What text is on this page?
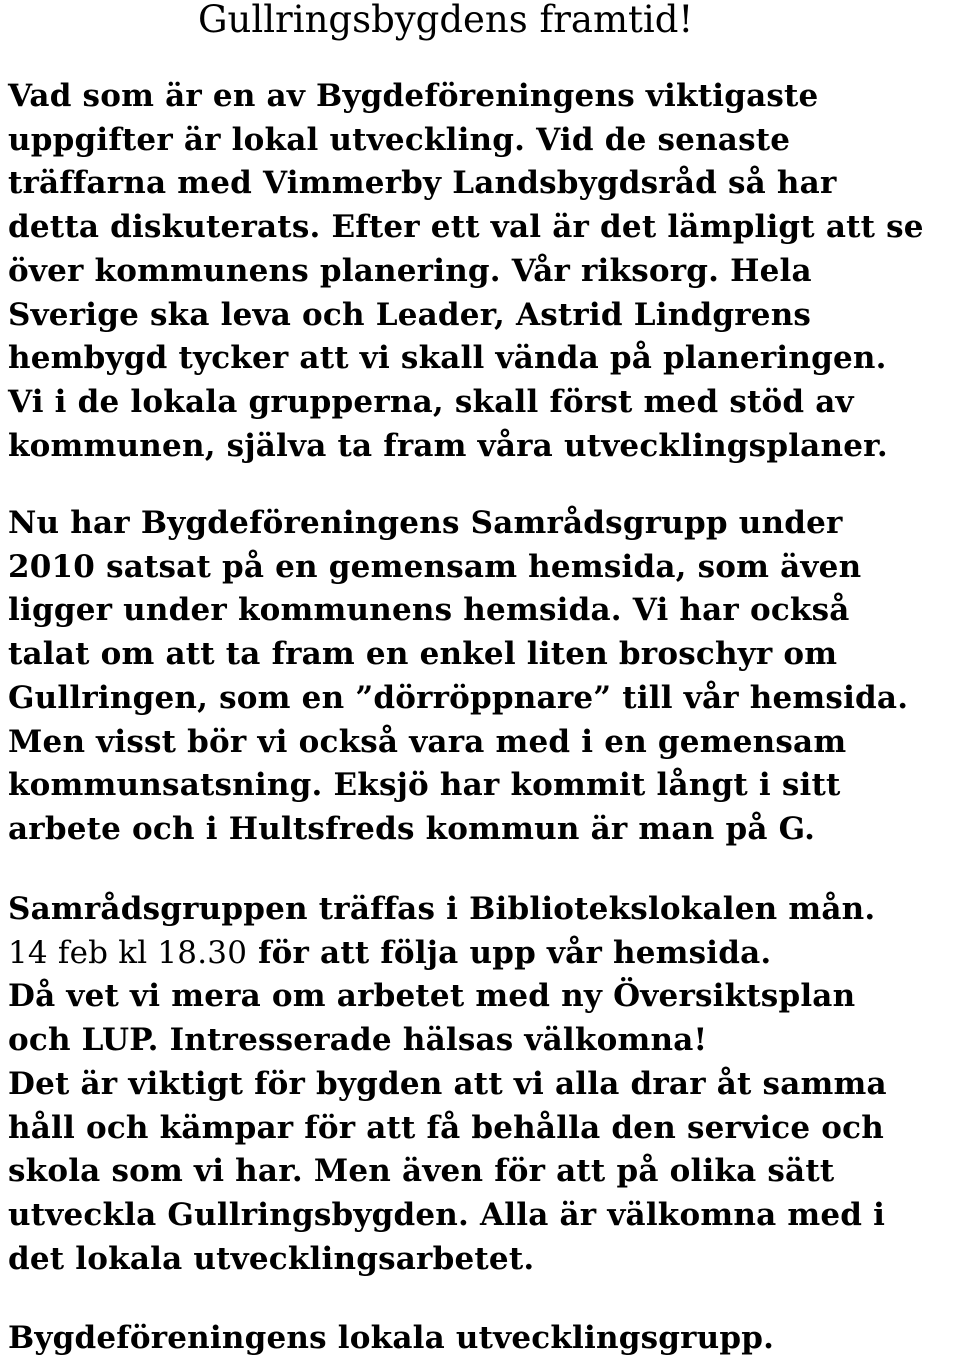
Gullringsbygdens framtid!

Vad som är en av Bygdeföreningens viktigaste
uppgifter är lokal utveckling. Vid de senaste
träffarna med Vimmerby Landsbygdsråd så har
detta diskuterats. Efter ett val är det lämpligt att se
över kommunens planering. Vår riksorg. Hela
Sverige ska leva och Leader, Astrid Lindgrens
hembygd tycker att vi skall vända på planeringen.
Vi i de lokala grupperna, skall först med stöd av
kommunen, själva ta fram våra utvecklingsplaner.

Nu har Bygdeföreningens Samrådsgrupp under
2010 satsat på en gemensam hemsida, som även
ligger under kommunens hemsida. Vi har också
talat om att ta fram en enkel liten broschyr om
Gullringen, som en ”dörröppnare” till vår hemsida.
Men visst bör vi också vara med i en gemensam
kommunsatsning. Eksjö har kommit långt i sitt
arbete och i Hultsfreds kommun är man på G.

Samrådsgruppen träffas i Bibliotekslokalen mån.
14 feb kl 18.30 för att följa upp vår hemsida.
Då vet vi mera om arbetet med ny Översiktsplan
och LUP. Intresserade hälsas välkomna!
Det är viktigt för bygden att vi alla drar åt samma
håll och kämpar för att få behålla den service och
skola som vi har. Men även för att på olika sätt
utveckla Gullringsbygden. Alla är välkomna med i
det lokala utvecklingsarbetet.

Bygdeföreningens lokala utvecklingsgrupp.
